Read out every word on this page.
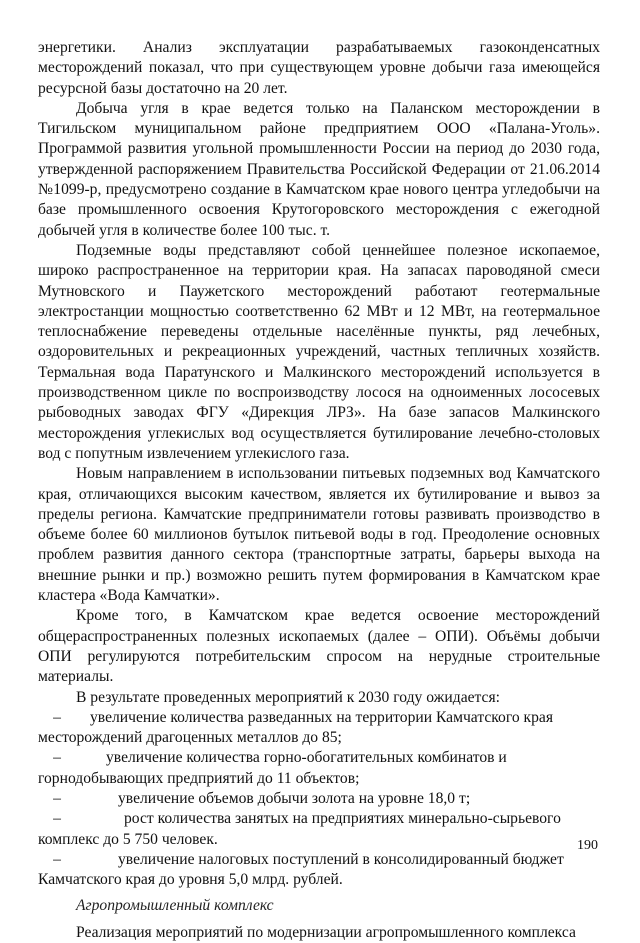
энергетики. Анализ эксплуатации разрабатываемых газоконденсатных месторождений показал, что при существующем уровне добычи газа имеющейся ресурсной базы достаточно на 20 лет.

Добыча угля в крае ведется только на Паланском месторождении в Тигильском муниципальном районе предприятием ООО «Палана-Уголь». Программой развития угольной промышленности России на период до 2030 года, утвержденной распоряжением Правительства Российской Федерации от 21.06.2014 №1099-р, предусмотрено создание в Камчатском крае нового центра угледобычи на базе промышленного освоения Крутогоровского месторождения с ежегодной добычей угля в количестве более 100 тыс. т.

Подземные воды представляют собой ценнейшее полезное ископаемое, широко распространенное на территории края. На запасах пароводяной смеси Мутновского и Паужетского месторождений работают геотермальные электростанции мощностью соответственно 62 МВт и 12 МВт, на геотермальное теплоснабжение переведены отдельные населённые пункты, ряд лечебных, оздоровительных и рекреационных учреждений, частных тепличных хозяйств. Термальная вода Паратунского и Малкинского месторождений используется в производственном цикле по воспроизводству лосося на одноименных лососевых рыбоводных заводах ФГУ «Дирекция ЛРЗ». На базе запасов Малкинского месторождения углекислых вод осуществляется бутилирование лечебно-столовых вод с попутным извлечением углекислого газа.

Новым направлением в использовании питьевых подземных вод Камчатского края, отличающихся высоким качеством, является их бутилирование и вывоз за пределы региона. Камчатские предприниматели готовы развивать производство в объеме более 60 миллионов бутылок питьевой воды в год. Преодоление основных проблем развития данного сектора (транспортные затраты, барьеры выхода на внешние рынки и пр.) возможно решить путем формирования в Камчатском крае кластера «Вода Камчатки».

Кроме того, в Камчатском крае ведется освоение месторождений общераспространенных полезных ископаемых (далее – ОПИ). Объёмы добычи ОПИ регулируются потребительским спросом на нерудные строительные материалы.

В результате проведенных мероприятий к 2030 году ожидается:

– увеличение количества разведанных на территории Камчатского края месторождений драгоценных металлов до 85;

–	увеличение количества горно-обогатительных комбинатов и горнодобывающих предприятий до 11 объектов;

–	увеличение объемов добычи золота на уровне 18,0 т;

–	рост количества занятых на предприятиях минерально-сырьевого комплекс до 5 750 человек.

–	увеличение налоговых поступлений в консолидированный бюджет Камчатского края до уровня 5,0 млрд. рублей.

Агропромышленный комплекс

Реализация мероприятий по модернизации агропромышленного комплекса

190
